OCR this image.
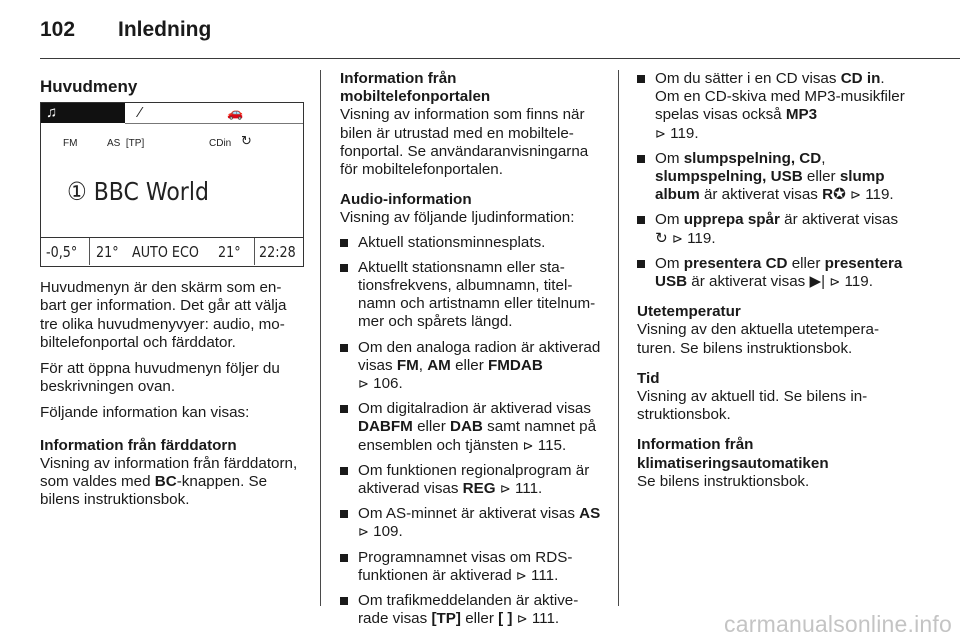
102 Inledning
Huvudmeny
♫	⁄	🚗
FM	AS  [TP]	CDin ↻
① BBC World
-0,5° 21° AUTO ECO 21° 22:28

Huvudmenyn är den skärm som enbart ger information. Det går att välja tre olika huvudmenyvyer: audio, mobiltelefonportal och färddator.

För att öppna huvudmenyn följer du beskrivningen ovan.

Följande information kan visas:

Information från färddatorn

Visning av information från färddatorn, som valdes med BC-knappen. Se bilens instruktionsbok.

Information från mobiltelefonportalen
Visning av information som finns när bilen är utrustad med en mobiltelefonportal. Se användaranvisningarna för mobiltelefonportalen.
Audio-information

Visning av följande ljudinformation:

Aktuell stationsminnesplats.
Aktuellt stationsnamn eller stationsfrekvens, albumnamn, titelnamn och artistnamn eller titelnummer och spårets längd.
Om den analoga radion är aktiverad visas FM, AM eller FMDAB
⊳ 106.
Om digitalradion är aktiverad visas DABFM eller DAB samt namnet på ensemblen och tjänsten ⊳ 115.
Om funktionen regionalprogram är aktiverad visas REG ⊳ 111.
Om AS-minnet är aktiverat visas AS ⊳ 109.
Programnamnet visas om RDS-funktionen är aktiverad ⊳ 111.
Om trafikmeddelanden är aktiverade visas [TP] eller [ ] ⊳ 111.
Om du sätter i en CD visas CD in. Om en CD-skiva med MP3-musikfiler spelas visas också MP3
⊳ 119.
Om slumpspelning, CD,
slumpspelning, USB eller slump album är aktiverat visas R✪ ⊳ 119.
Om upprepa spår är aktiverat visas
↻ ⊳ 119.
Om presentera CD eller presentera USB är aktiverat visas ▶| ⊳ 119.
Utetemperatur
Visning av den aktuella utetemperaturen. Se bilens instruktionsbok.
Tid
Visning av aktuell tid. Se bilens instruktionsbok.
Information från klimatiseringsautomatiken
Se bilens instruktionsbok.
carmanualsonline.info
